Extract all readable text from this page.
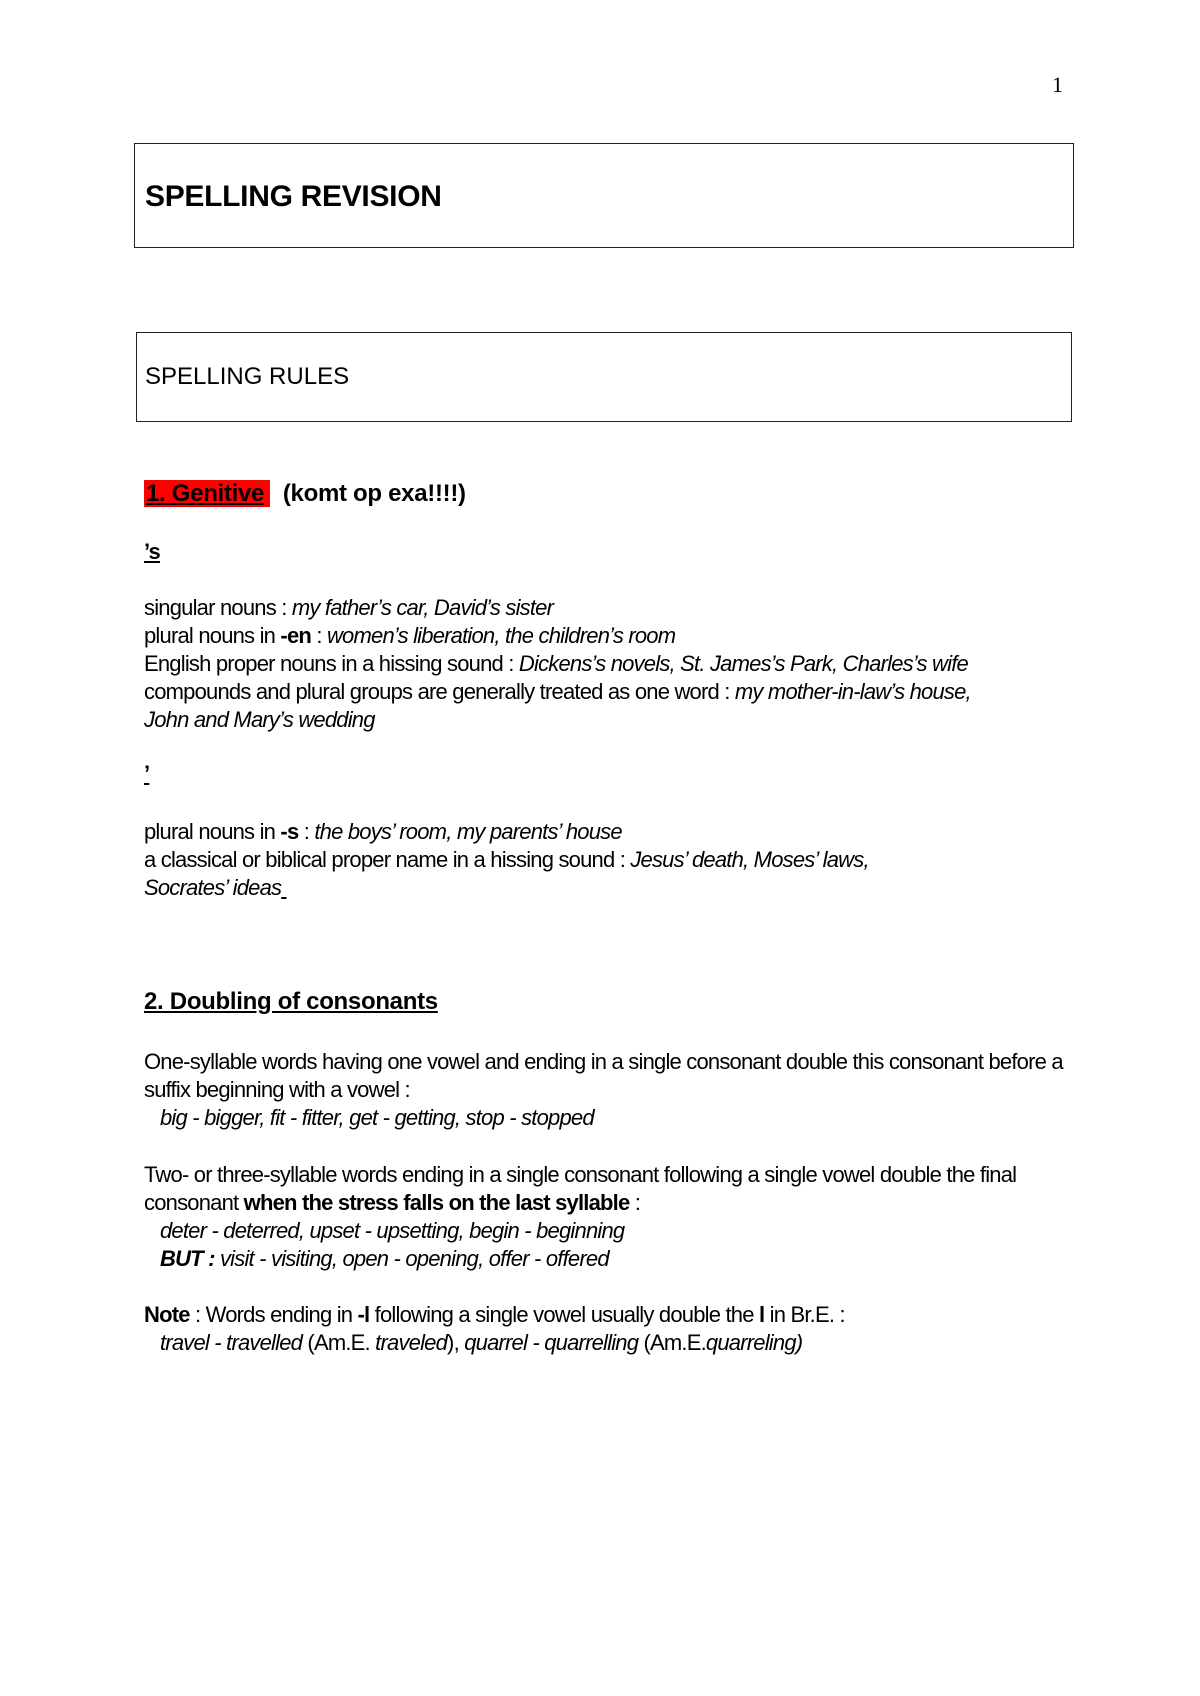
1
SPELLING REVISION
SPELLING RULES
1. Genitive (komt op exa!!!!)
’s
singular nouns : my father’s car, David’s sister
plural nouns in -en : women’s liberation, the children’s room
English proper nouns in a hissing sound : Dickens’s novels, St. James’s Park, Charles’s wife
compounds and plural groups are generally treated as one word : my mother-in-law’s house,
John and Mary’s wedding
’
plural nouns in -s : the boys’ room, my parents’ house
a classical or biblical proper name in a hissing sound : Jesus’ death, Moses’ laws,
Socrates’ ideas
2. Doubling of consonants
One-syllable words having one vowel and ending in a single consonant double this consonant before a
suffix beginning with a vowel :
big - bigger, fit - fitter, get - getting, stop - stopped
Two- or three-syllable words ending in a single consonant following a single vowel double the final
consonant when the stress falls on the last syllable :
deter - deterred, upset - upsetting, begin - beginning
BUT : visit - visiting, open - opening, offer - offered
Note : Words ending in -l following a single vowel usually double the l in Br.E. :
travel - travelled (Am.E. traveled), quarrel - quarrelling (Am.E.quarreling)
